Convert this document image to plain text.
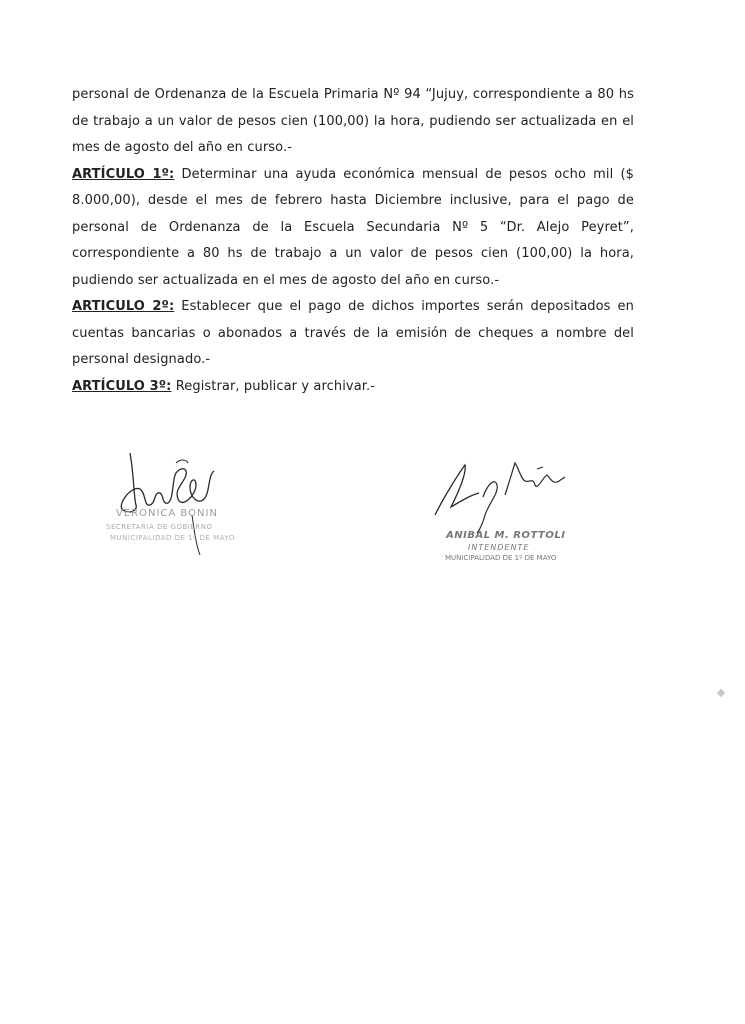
personal de Ordenanza de la Escuela Primaria Nº 94 “Jujuy, correspondiente a 80 hs de trabajo a un valor de pesos cien (100,00) la hora, pudiendo ser actualizada en el mes de agosto del año en curso.-

ARTÍCULO 1º: Determinar una ayuda económica mensual de pesos ocho mil ($ 8.000,00), desde el mes de febrero hasta Diciembre inclusive, para el pago de personal de Ordenanza de la Escuela Secundaria Nº 5 “Dr. Alejo Peyret”, correspondiente a 80 hs de trabajo a un valor de pesos cien (100,00) la hora, pudiendo ser actualizada en el mes de agosto del año en curso.-

ARTICULO 2º: Establecer que el pago de dichos importes serán depositados en cuentas bancarias o abonados a través de la emisión de cheques a nombre del personal designado.-

ARTÍCULO 3º: Registrar, publicar y archivar.-

VERONICA BONIN
SECRETARIA DE GOBIERNO
MUNICIPALIDAD DE 1º DE MAYO	ANIBAL M. ROTTOLI
INTENDENTE
MUNICIPALIDAD DE 1º DE MAYO
